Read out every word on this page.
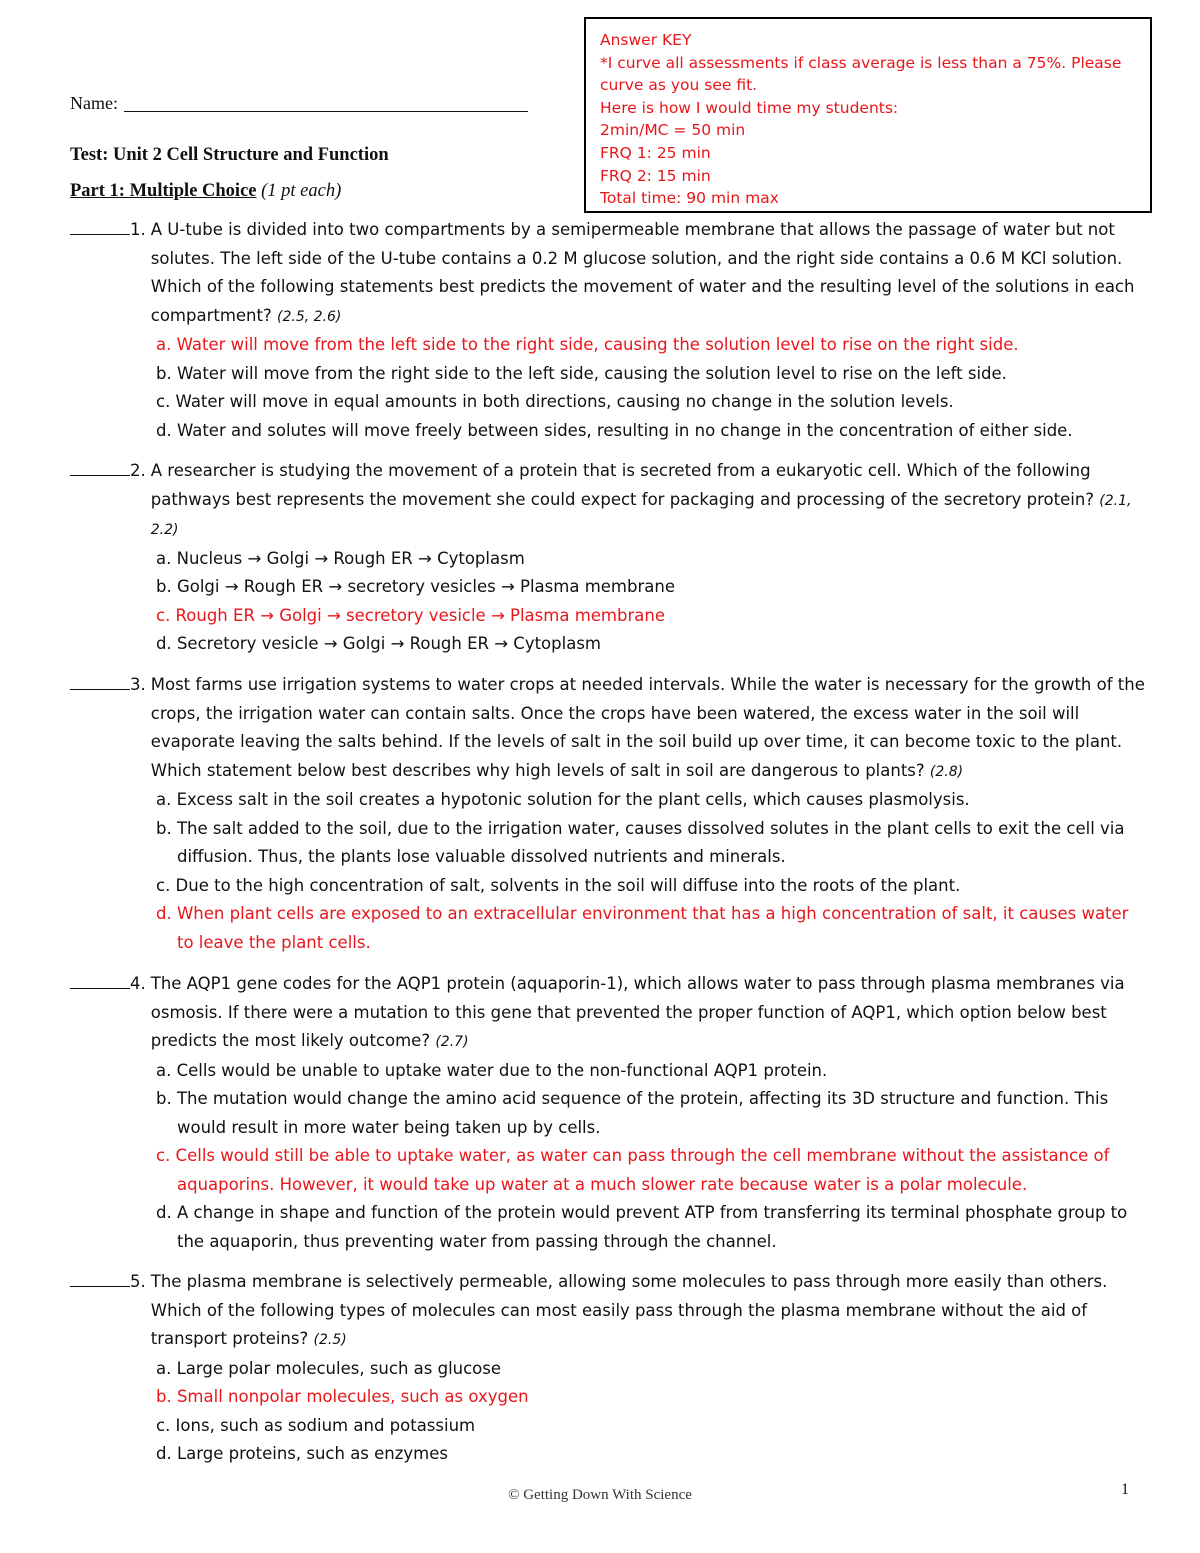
Answer KEY
*I curve all assessments if class average is less than a 75%. Please
curve as you see fit.
Here is how I would time my students:
2min/MC = 50 min
FRQ 1: 25 min
FRQ 2: 15 min
Total time: 90 min max
Name:
Test: Unit 2 Cell Structure and Function
Part 1: Multiple Choice (1 pt each)
1. A U-tube is divided into two compartments by a semipermeable membrane that allows the passage of water but not solutes. The left side of the U-tube contains a 0.2 M glucose solution, and the right side contains a 0.6 M KCl solution. Which of the following statements best predicts the movement of water and the resulting level of the solutions in each compartment? (2.5, 2.6)
a. Water will move from the left side to the right side, causing the solution level to rise on the right side.
b. Water will move from the right side to the left side, causing the solution level to rise on the left side.
c. Water will move in equal amounts in both directions, causing no change in the solution levels.
d. Water and solutes will move freely between sides, resulting in no change in the concentration of either side.
2. A researcher is studying the movement of a protein that is secreted from a eukaryotic cell. Which of the following pathways best represents the movement she could expect for packaging and processing of the secretory protein? (2.1, 2.2)
a. Nucleus → Golgi → Rough ER → Cytoplasm
b. Golgi → Rough ER → secretory vesicles → Plasma membrane
c. Rough ER → Golgi → secretory vesicle → Plasma membrane
d. Secretory vesicle → Golgi → Rough ER → Cytoplasm
3. Most farms use irrigation systems to water crops at needed intervals. While the water is necessary for the growth of the crops, the irrigation water can contain salts. Once the crops have been watered, the excess water in the soil will evaporate leaving the salts behind. If the levels of salt in the soil build up over time, it can become toxic to the plant. Which statement below best describes why high levels of salt in soil are dangerous to plants? (2.8)
a. Excess salt in the soil creates a hypotonic solution for the plant cells, which causes plasmolysis.
b. The salt added to the soil, due to the irrigation water, causes dissolved solutes in the plant cells to exit the cell via diffusion. Thus, the plants lose valuable dissolved nutrients and minerals.
c. Due to the high concentration of salt, solvents in the soil will diffuse into the roots of the plant.
d. When plant cells are exposed to an extracellular environment that has a high concentration of salt, it causes water to leave the plant cells.
4. The AQP1 gene codes for the AQP1 protein (aquaporin-1), which allows water to pass through plasma membranes via osmosis. If there were a mutation to this gene that prevented the proper function of AQP1, which option below best predicts the most likely outcome? (2.7)
a. Cells would be unable to uptake water due to the non-functional AQP1 protein.
b. The mutation would change the amino acid sequence of the protein, affecting its 3D structure and function. This would result in more water being taken up by cells.
c. Cells would still be able to uptake water, as water can pass through the cell membrane without the assistance of aquaporins. However, it would take up water at a much slower rate because water is a polar molecule.
d. A change in shape and function of the protein would prevent ATP from transferring its terminal phosphate group to the aquaporin, thus preventing water from passing through the channel.
5. The plasma membrane is selectively permeable, allowing some molecules to pass through more easily than others. Which of the following types of molecules can most easily pass through the plasma membrane without the aid of transport proteins? (2.5)
a. Large polar molecules, such as glucose
b. Small nonpolar molecules, such as oxygen
c. Ions, such as sodium and potassium
d. Large proteins, such as enzymes
© Getting Down With Science	1
